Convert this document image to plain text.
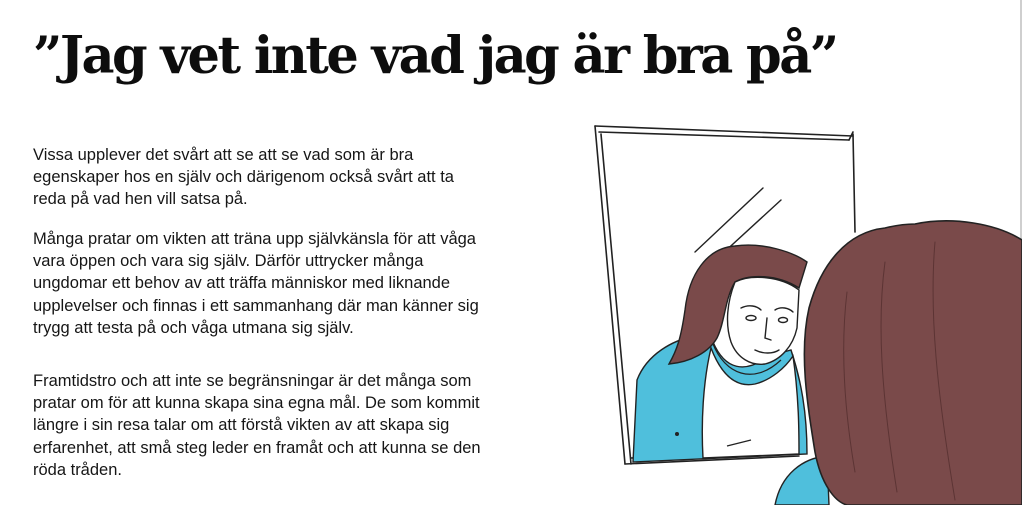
”Jag vet inte vad jag är bra på”

Vissa upplever det svårt att se att se vad som är bra egenskaper hos en själv och därigenom också svårt att ta reda på vad hen vill satsa på.

Många pratar om vikten att träna upp självkänsla för att våga vara öppen och vara sig själv. Därför uttrycker många ungdomar ett behov av att träffa människor med liknande upplevelser och finnas i ett sammanhang där man känner sig trygg att testa på och våga utmana sig själv.

Framtidstro och att inte se begränsningar är det många som pratar om för att kunna skapa sina egna mål. De som kommit längre i sin resa talar om att förstå vikten av att skapa sig erfarenhet, att små steg leder en framåt och att kunna se den röda tråden.
